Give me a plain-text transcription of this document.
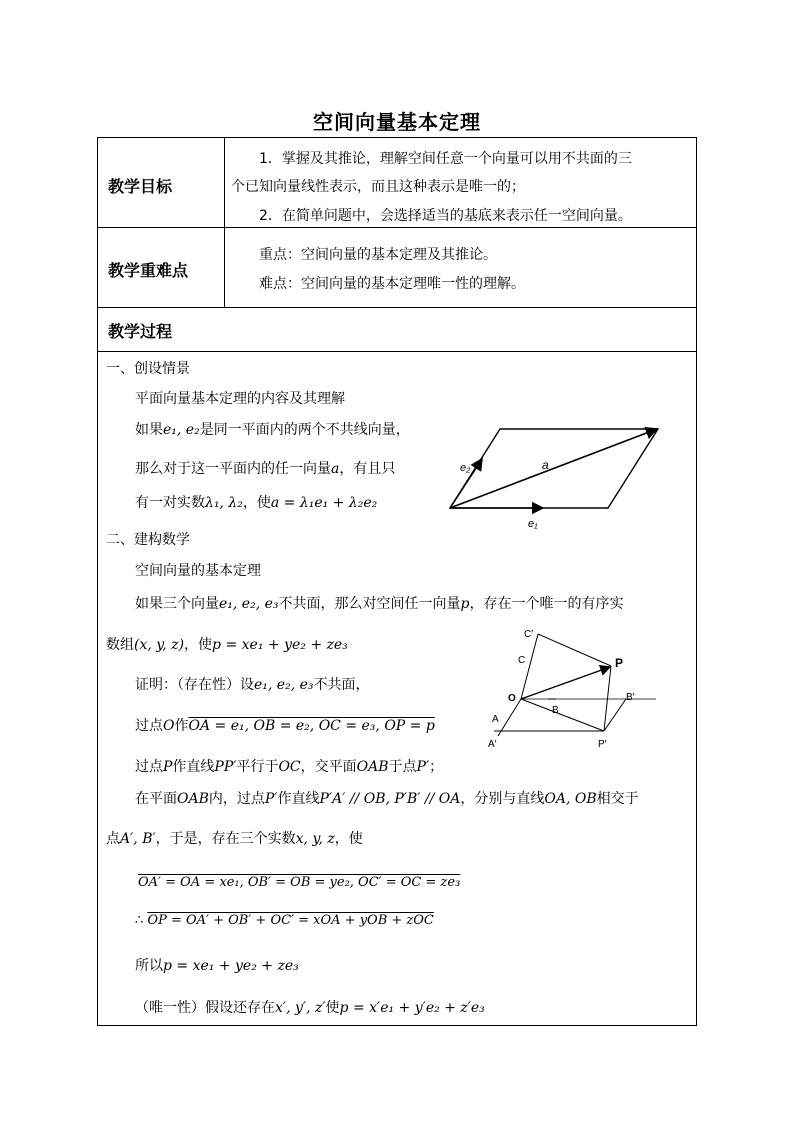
空间向量基本定理
教学目标
1．掌握及其推论，理解空间任意一个向量可以用不共面的三
个已知向量线性表示，而且这种表示是唯一的；
2．在简单问题中，会选择适当的基底来表示任一空间向量。
教学重难点
重点：空间向量的基本定理及其推论。
难点：空间向量的基本定理唯一性的理解。
教学过程
一、创设情景
平面向量基本定理的内容及其理解
如果e₁, e₂是同一平面内的两个不共线向量，
那么对于这一平面内的任一向量a，有且只
有一对实数λ₁, λ₂，使a = λ₁e₁ + λ₂e₂
二、建构数学
空间向量的基本定理
如果三个向量e₁, e₂, e₃不共面，那么对空间任一向量p，存在一个唯一的有序实
数组(x, y, z)，使p = xe₁ + ye₂ + ze₃
证明：（存在性）设e₁, e₂, e₃不共面，
过点O作OA = e₁, OB = e₂, OC = e₃, OP = p
过点P作直线PP′平行于OC，交平面OAB于点P′；
在平面OAB内，过点P′作直线P′A′ // OB, P′B′ // OA，分别与直线OA, OB相交于
点A′, B′，于是，存在三个实数x, y, z，使
OA′ = OA = xe₁, OB′ = OB = ye₂, OC′ = OC = ze₃
∴ OP = OA′ + OB′ + OC′ = xOA + yOB + zOC
所以p = xe₁ + ye₂ + ze₃
（唯一性）假设还存在x′, y′, z′使p = x′e₁ + y′e₂ + z′e₃
a
e₂
e₁
C′
C	P
O
B
B′
A
A′	P′
